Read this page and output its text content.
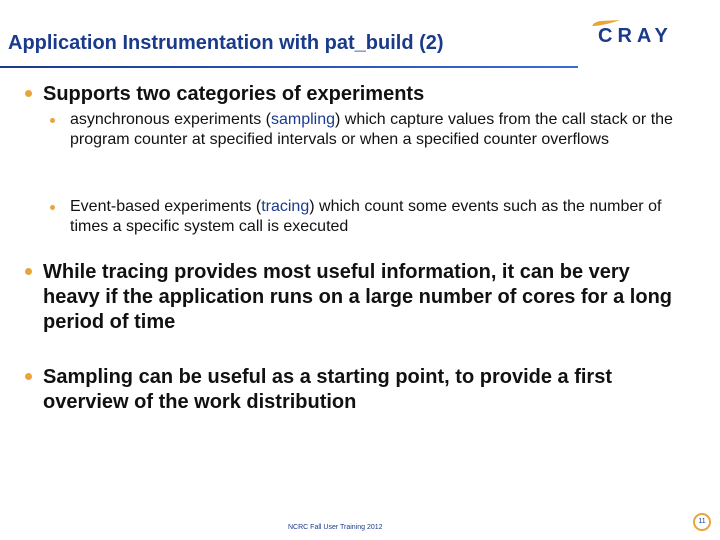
Application Instrumentation with pat_build (2)	CRAY
Supports two categories of experiments
asynchronous experiments (sampling) which capture values from the call stack or the program counter at specified intervals or when a specified counter overflows
Event-based experiments (tracing) which count some events such as the number of times a specific system call is executed
While tracing provides most useful information, it can be very heavy if the application runs on a large number of cores for a long period of time
Sampling can be useful as a starting point, to provide a first overview of the work distribution
NCRC Fall User Training 2012
11
